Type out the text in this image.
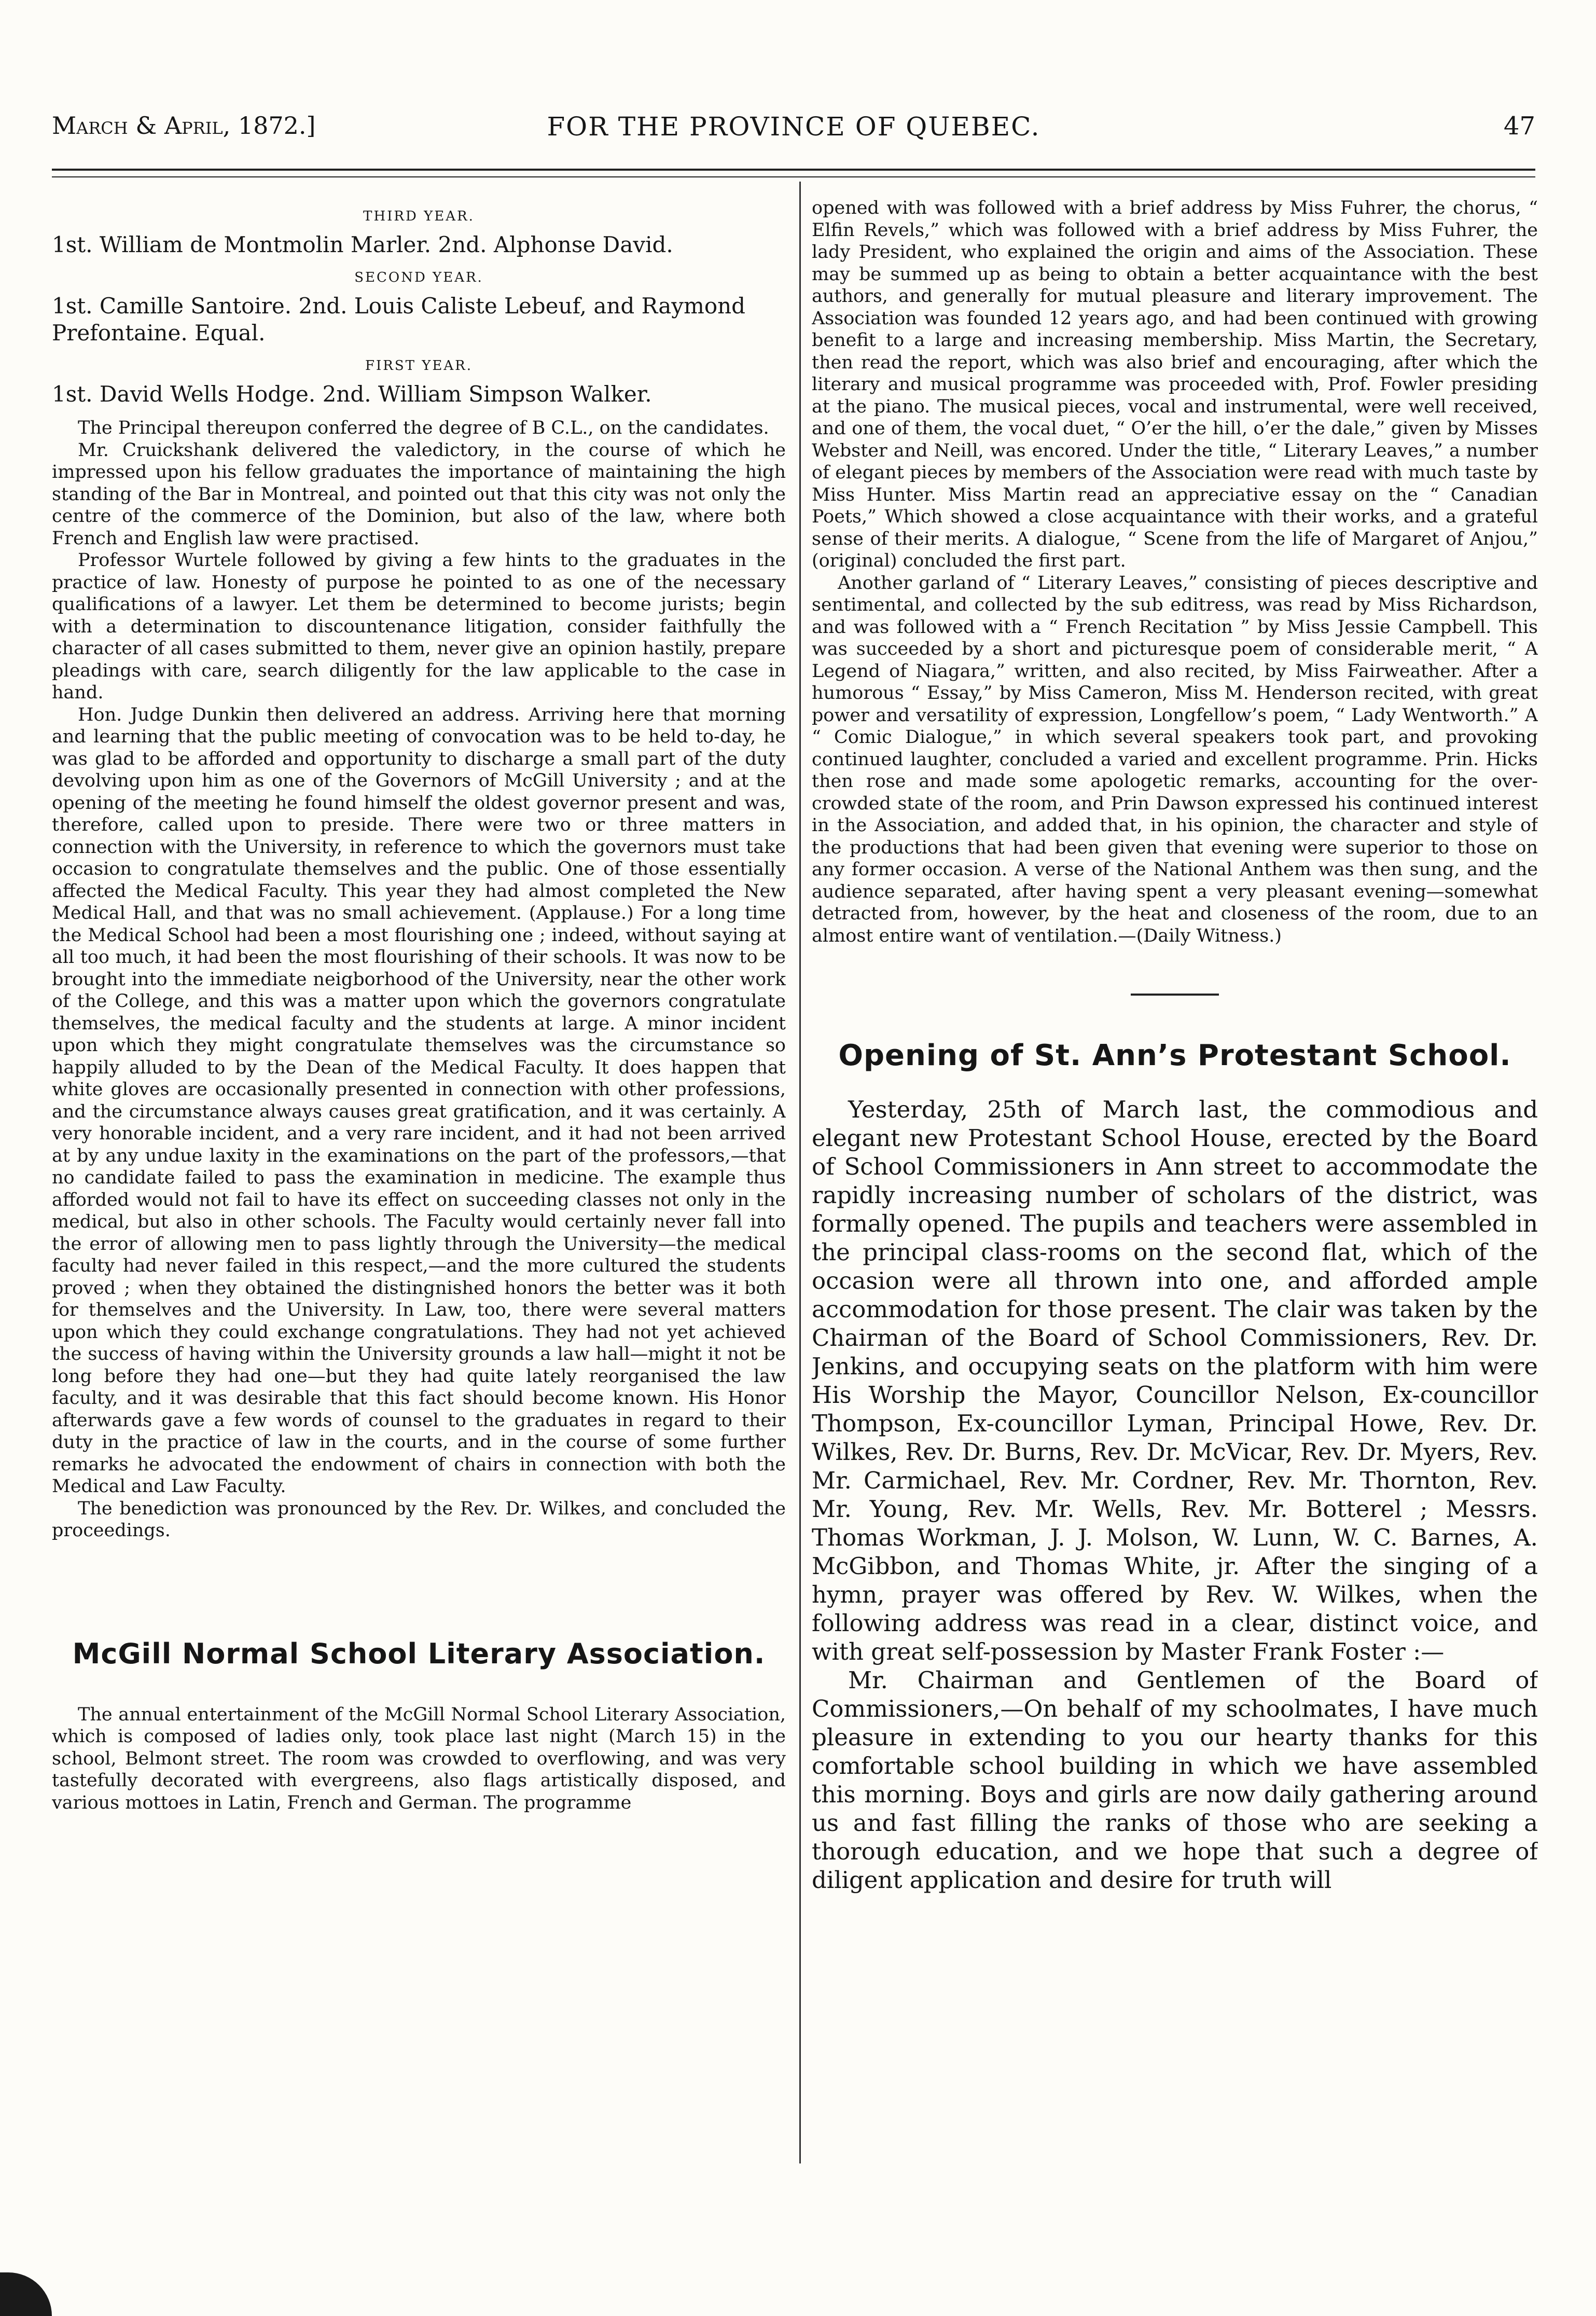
March & April, 1872.]	FOR THE PROVINCE OF QUEBEC.	47
THIRD YEAR.

1st. William de Montmolin Marler. 2nd. Alphonse David.

SECOND YEAR.

1st. Camille Santoire. 2nd. Louis Caliste Lebeuf, and Raymond Prefontaine. Equal.

FIRST YEAR.

1st. David Wells Hodge. 2nd. William Simpson Walker.

The Principal thereupon conferred the degree of B C.L., on the candidates.

Mr. Cruickshank delivered the valedictory, in the course of which he impressed upon his fellow graduates the importance of maintaining the high standing of the Bar in Montreal, and pointed out that this city was not only the centre of the commerce of the Dominion, but also of the law, where both French and English law were practised.

Professor Wurtele followed by giving a few hints to the graduates in the practice of law. Honesty of purpose he pointed to as one of the necessary qualifications of a lawyer. Let them be determined to become jurists; begin with a determination to discountenance litigation, consider faithfully the character of all cases submitted to them, never give an opinion hastily, prepare pleadings with care, search diligently for the law applicable to the case in hand.

Hon. Judge Dunkin then delivered an address. Arriving here that morning and learning that the public meeting of convocation was to be held to-day, he was glad to be afforded and opportunity to discharge a small part of the duty devolving upon him as one of the Governors of McGill University ; and at the opening of the meeting he found himself the oldest governor present and was, therefore, called upon to preside. There were two or three matters in connection with the University, in reference to which the governors must take occasion to congratulate themselves and the public. One of those essentially affected the Medical Faculty. This year they had almost completed the New Medical Hall, and that was no small achievement. (Applause.) For a long time the Medical School had been a most flourishing one ; indeed, without saying at all too much, it had been the most flourishing of their schools. It was now to be brought into the immediate neigborhood of the University, near the other work of the College, and this was a matter upon which the governors congratulate themselves, the medical faculty and the students at large. A minor incident upon which they might congratulate themselves was the circumstance so happily alluded to by the Dean of the Medical Faculty. It does happen that white gloves are occasionally presented in connection with other professions, and the circumstance always causes great gratification, and it was certainly. A very honorable incident, and a very rare incident, and it had not been arrived at by any undue laxity in the examinations on the part of the professors,—that no candidate failed to pass the examination in medicine. The example thus afforded would not fail to have its effect on succeeding classes not only in the medical, but also in other schools. The Faculty would certainly never fall into the error of allowing men to pass lightly through the University—the medical faculty had never failed in this respect,—and the more cultured the students proved ; when they obtained the distingnished honors the better was it both for themselves and the University. In Law, too, there were several matters upon which they could exchange congratulations. They had not yet achieved the success of having within the University grounds a law hall—might it not be long before they had one—but they had quite lately reorganised the law faculty, and it was desirable that this fact should become known. His Honor afterwards gave a few words of counsel to the graduates in regard to their duty in the practice of law in the courts, and in the course of some further remarks he advocated the endowment of chairs in connection with both the Medical and Law Faculty.

The benediction was pronounced by the Rev. Dr. Wilkes, and concluded the proceedings.

McGill Normal School Literary Association.

The annual entertainment of the McGill Normal School Literary Association, which is composed of ladies only, took place last night (March 15) in the school, Belmont street. The room was crowded to overflowing, and was very tastefully decorated with evergreens, also flags artistically disposed, and various mottoes in Latin, French and German. The programme

opened with was followed with a brief address by Miss Fuhrer, the chorus, “ Elfin Revels,” which was followed with a brief address by Miss Fuhrer, the lady President, who explained the origin and aims of the Association. These may be summed up as being to obtain a better acquaintance with the best authors, and generally for mutual pleasure and literary improvement. The Association was founded 12 years ago, and had been continued with growing benefit to a large and increasing membership. Miss Martin, the Secretary, then read the report, which was also brief and encouraging, after which the literary and musical programme was proceeded with, Prof. Fowler presiding at the piano. The musical pieces, vocal and instrumental, were well received, and one of them, the vocal duet, “ O’er the hill, o’er the dale,” given by Misses Webster and Neill, was encored. Under the title, “ Literary Leaves,” a number of elegant pieces by members of the Association were read with much taste by Miss Hunter. Miss Martin read an appreciative essay on the “ Canadian Poets,” Which showed a close acquaintance with their works, and a grateful sense of their merits. A dialogue, “ Scene from the life of Margaret of Anjou,” (original) concluded the first part.

Another garland of “ Literary Leaves,” consisting of pieces descriptive and sentimental, and collected by the sub editress, was read by Miss Richardson, and was followed with a “ French Recitation ” by Miss Jessie Campbell. This was succeeded by a short and picturesque poem of considerable merit, “ A Legend of Niagara,” written, and also recited, by Miss Fairweather. After a humorous “ Essay,” by Miss Cameron, Miss M. Henderson recited, with great power and versatility of expression, Longfellow’s poem, “ Lady Wentworth.” A “ Comic Dialogue,” in which several speakers took part, and provoking continued laughter, concluded a varied and excellent programme. Prin. Hicks then rose and made some apologetic remarks, accounting for the over-crowded state of the room, and Prin Dawson expressed his continued interest in the Association, and added that, in his opinion, the character and style of the productions that had been given that evening were superior to those on any former occasion. A verse of the National Anthem was then sung, and the audience separated, after having spent a very pleasant evening—somewhat detracted from, however, by the heat and closeness of the room, due to an almost entire want of ventilation.—(Daily Witness.)

Opening of St. Ann’s Protestant School.

Yesterday, 25th of March last, the commodious and elegant new Protestant School House, erected by the Board of School Commissioners in Ann street to accommodate the rapidly increasing number of scholars of the district, was formally opened. The pupils and teachers were assembled in the principal class-rooms on the second flat, which of the occasion were all thrown into one, and afforded ample accommodation for those present. The clair was taken by the Chairman of the Board of School Commissioners, Rev. Dr. Jenkins, and occupying seats on the platform with him were His Worship the Mayor, Councillor Nelson, Ex-councillor Thompson, Ex-councillor Lyman, Principal Howe, Rev. Dr. Wilkes, Rev. Dr. Burns, Rev. Dr. McVicar, Rev. Dr. Myers, Rev. Mr. Carmichael, Rev. Mr. Cordner, Rev. Mr. Thornton, Rev. Mr. Young, Rev. Mr. Wells, Rev. Mr. Botterel ; Messrs. Thomas Workman, J. J. Molson, W. Lunn, W. C. Barnes, A. McGibbon, and Thomas White, jr. After the singing of a hymn, prayer was offered by Rev. W. Wilkes, when the following address was read in a clear, distinct voice, and with great self-possession by Master Frank Foster :—

Mr. Chairman and Gentlemen of the Board of Commissioners,—On behalf of my schoolmates, I have much pleasure in extending to you our hearty thanks for this comfortable school building in which we have assembled this morning. Boys and girls are now daily gathering around us and fast filling the ranks of those who are seeking a thorough education, and we hope that such a degree of diligent application and desire for truth will
